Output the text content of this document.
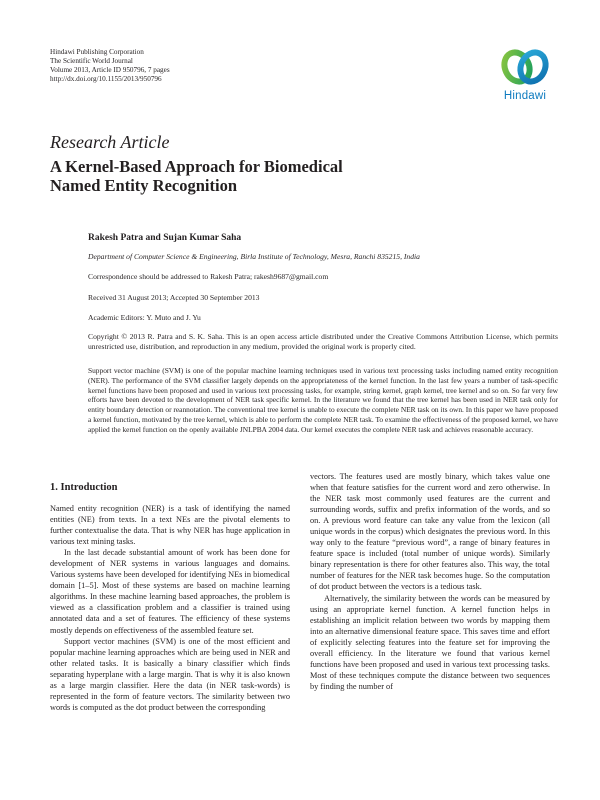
Hindawi Publishing Corporation
The Scientific World Journal
Volume 2013, Article ID 950796, 7 pages
http://dx.doi.org/10.1155/2013/950796
Hindawi
Research Article
A Kernel-Based Approach for Biomedical
Named Entity Recognition
Rakesh Patra and Sujan Kumar Saha
Department of Computer Science & Engineering, Birla Institute of Technology, Mesra, Ranchi 835215, India
Correspondence should be addressed to Rakesh Patra; rakesh9687@gmail.com
Received 31 August 2013; Accepted 30 September 2013
Academic Editors: Y. Muto and J. Yu
Copyright © 2013 R. Patra and S. K. Saha. This is an open access article distributed under the Creative Commons Attribution License, which permits unrestricted use, distribution, and reproduction in any medium, provided the original work is properly cited.
Support vector machine (SVM) is one of the popular machine learning techniques used in various text processing tasks including named entity recognition (NER). The performance of the SVM classifier largely depends on the appropriateness of the kernel function. In the last few years a number of task-specific kernel functions have been proposed and used in various text processing tasks, for example, string kernel, graph kernel, tree kernel and so on. So far very few efforts have been devoted to the development of NER task specific kernel. In the literature we found that the tree kernel has been used in NER task only for entity boundary detection or reannotation. The conventional tree kernel is unable to execute the complete NER task on its own. In this paper we have proposed a kernel function, motivated by the tree kernel, which is able to perform the complete NER task. To examine the effectiveness of the proposed kernel, we have applied the kernel function on the openly available JNLPBA 2004 data. Our kernel executes the complete NER task and achieves reasonable accuracy.
1. Introduction

Named entity recognition (NER) is a task of identifying the named entities (NE) from texts. In a text NEs are the pivotal elements to further contextualise the data. That is why NER has huge application in various text mining tasks.

In the last decade substantial amount of work has been done for development of NER systems in various languages and domains. Various systems have been developed for identifying NEs in biomedical domain [1–5]. Most of these systems are based on machine learning algorithms. In these machine learning based approaches, the problem is viewed as a classification problem and a classifier is trained using annotated data and a set of features. The efficiency of these systems mostly depends on effectiveness of the assembled feature set.

Support vector machines (SVM) is one of the most efficient and popular machine learning approaches which are being used in NER and other related tasks. It is basically a binary classifier which finds separating hyperplane with a large margin. That is why it is also known as a large margin classifier. Here the data (in NER task-words) is represented in the form of feature vectors. The similarity between two words is computed as the dot product between the corresponding

vectors. The features used are mostly binary, which takes value one when that feature satisfies for the current word and zero otherwise. In the NER task most commonly used features are the current and surrounding words, suffix and prefix information of the words, and so on. A previous word feature can take any value from the lexicon (all unique words in the corpus) which designates the previous word. In this way only to the feature “previous word”, a range of binary features in feature space is included (total number of unique words). Similarly binary representation is there for other features also. This way, the total number of features for the NER task becomes huge. So the computation of dot product between the vectors is a tedious task.

Alternatively, the similarity between the words can be measured by using an appropriate kernel function. A kernel function helps in establishing an implicit relation between two words by mapping them into an alternative dimensional feature space. This saves time and effort of explicitly selecting features into the feature set for improving the overall efficiency. In the literature we found that various kernel functions have been proposed and used in various text processing tasks. Most of these techniques compute the distance between two sequences by finding the number of
